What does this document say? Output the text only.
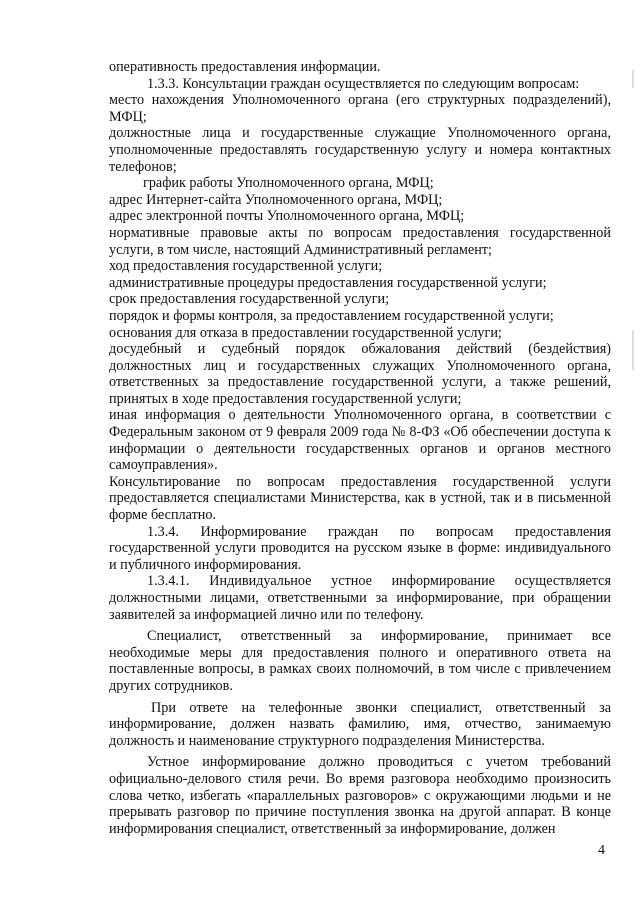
оперативность предоставления информации.

1.3.3. Консультации граждан осуществляется по следующим вопросам:

место нахождения Уполномоченного органа (его структурных подразделений), МФЦ;

должностные лица и государственные служащие Уполномоченного органа, уполномоченные предоставлять государственную услугу и номера контактных телефонов;

график работы Уполномоченного органа, МФЦ;

адрес Интернет-сайта Уполномоченного органа, МФЦ;

адрес электронной почты Уполномоченного органа, МФЦ;

нормативные правовые акты по вопросам предоставления государственной услуги, в том числе, настоящий Административный регламент;

ход предоставления государственной услуги;

административные процедуры предоставления государственной услуги;

срок предоставления государственной услуги;

порядок и формы контроля, за предоставлением государственной услуги;

основания для отказа в предоставлении государственной услуги;

досудебный и судебный порядок обжалования действий (бездействия) должностных лиц и государственных служащих Уполномоченного органа, ответственных за предоставление государственной услуги, а также решений, принятых в ходе предоставления государственной услуги;

иная информация о деятельности Уполномоченного органа, в соответствии с Федеральным законом от 9 февраля 2009 года № 8-ФЗ «Об обеспечении доступа к информации о деятельности государственных органов и органов местного самоуправления».

Консультирование по вопросам предоставления государственной услуги предоставляется специалистами Министерства, как в устной, так и в письменной форме бесплатно.

1.3.4. Информирование граждан по вопросам предоставления государственной услуги проводится на русском языке в форме: индивидуального и публичного информирования.

1.3.4.1. Индивидуальное устное информирование осуществляется должностными лицами, ответственными за информирование, при обращении заявителей за информацией лично или по телефону.

Специалист, ответственный за информирование, принимает все необходимые меры для предоставления полного и оперативного ответа на поставленные вопросы, в рамках своих полномочий, в том числе с привлечением других сотрудников.

При ответе на телефонные звонки специалист, ответственный за информирование, должен назвать фамилию, имя, отчество, занимаемую должность и наименование структурного подразделения Министерства.

Устное информирование должно проводиться с учетом требований официально-делового стиля речи. Во время разговора необходимо произносить слова четко, избегать «параллельных разговоров» с окружающими людьми и не прерывать разговор по причине поступления звонка на другой аппарат. В конце информирования специалист, ответственный за информирование, должен

4
